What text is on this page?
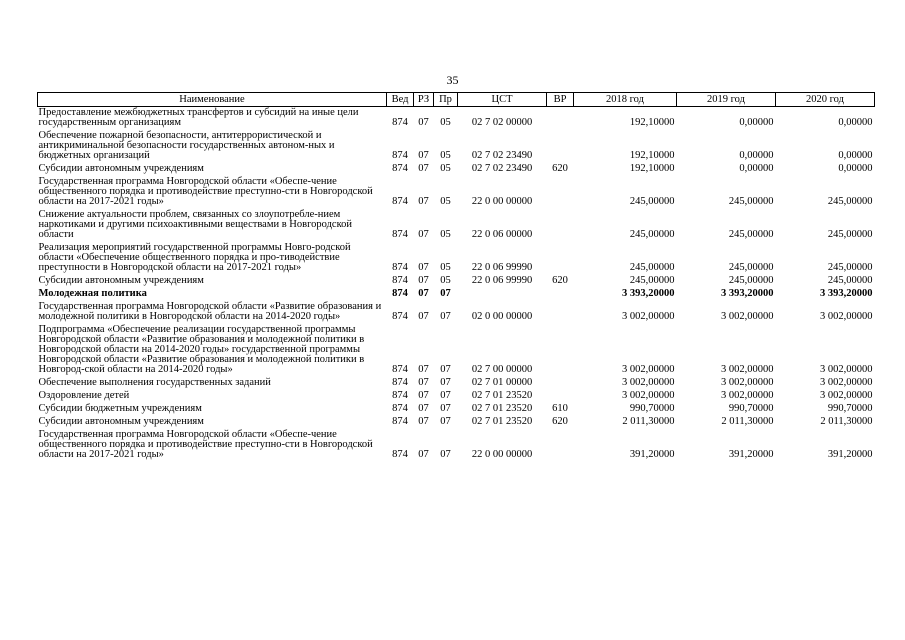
35
Наименование	Вед	РЗ	Пр	ЦСТ	ВР	2018 год	2019 год	2020 год
Предоставление межбюджетных трансфертов и субсидий на иные цели государственным организациям	874	07	05	02 7 02 00000		192,10000	0,00000	0,00000
Обеспечение пожарной безопасности, антитеррористической и антикриминальной безопасности государственных автоном-ных и бюджетных организаций	874	07	05	02 7 02 23490		192,10000	0,00000	0,00000
Субсидии автономным учреждениям	874	07	05	02 7 02 23490	620	192,10000	0,00000	0,00000
Государственная программа Новгородской области «Обеспе-чение общественного порядка и противодействие преступно-сти в Новгородской области на 2017-2021 годы»	874	07	05	22 0 00 00000		245,00000	245,00000	245,00000
Снижение актуальности проблем, связанных со злоупотребле-нием наркотиками и другими психоактивными веществами в Новгородской области	874	07	05	22 0 06 00000		245,00000	245,00000	245,00000
Реализация мероприятий государственной программы Новго-родской области «Обеспечение общественного порядка и про-тиводействие преступности в Новгородской области на 2017-2021 годы»	874	07	05	22 0 06 99990		245,00000	245,00000	245,00000
Субсидии автономным учреждениям	874	07	05	22 0 06 99990	620	245,00000	245,00000	245,00000
Молодежная политика	874	07	07			3 393,20000	3 393,20000	3 393,20000
Государственная программа Новгородской области «Развитие образования и молодежной политики в Новгородской области на 2014-2020 годы»	874	07	07	02 0 00 00000		3 002,00000	3 002,00000	3 002,00000
Подпрограмма «Обеспечение реализации государственной программы Новгородской области «Развитие образования и молодежной политики в Новгородской области на 2014-2020 годы» государственной программы Новгородской области «Развитие образования и молодежной политики в Новгород-ской области на 2014-2020 годы»	874	07	07	02 7 00 00000		3 002,00000	3 002,00000	3 002,00000
Обеспечение выполнения государственных заданий	874	07	07	02 7 01 00000		3 002,00000	3 002,00000	3 002,00000
Оздоровление детей	874	07	07	02 7 01 23520		3 002,00000	3 002,00000	3 002,00000
Субсидии бюджетным учреждениям	874	07	07	02 7 01 23520	610	990,70000	990,70000	990,70000
Субсидии автономным учреждениям	874	07	07	02 7 01 23520	620	2 011,30000	2 011,30000	2 011,30000
Государственная программа Новгородской области «Обеспе-чение общественного порядка и противодействие преступно-сти в Новгородской области на 2017-2021 годы»	874	07	07	22 0 00 00000		391,20000	391,20000	391,20000
